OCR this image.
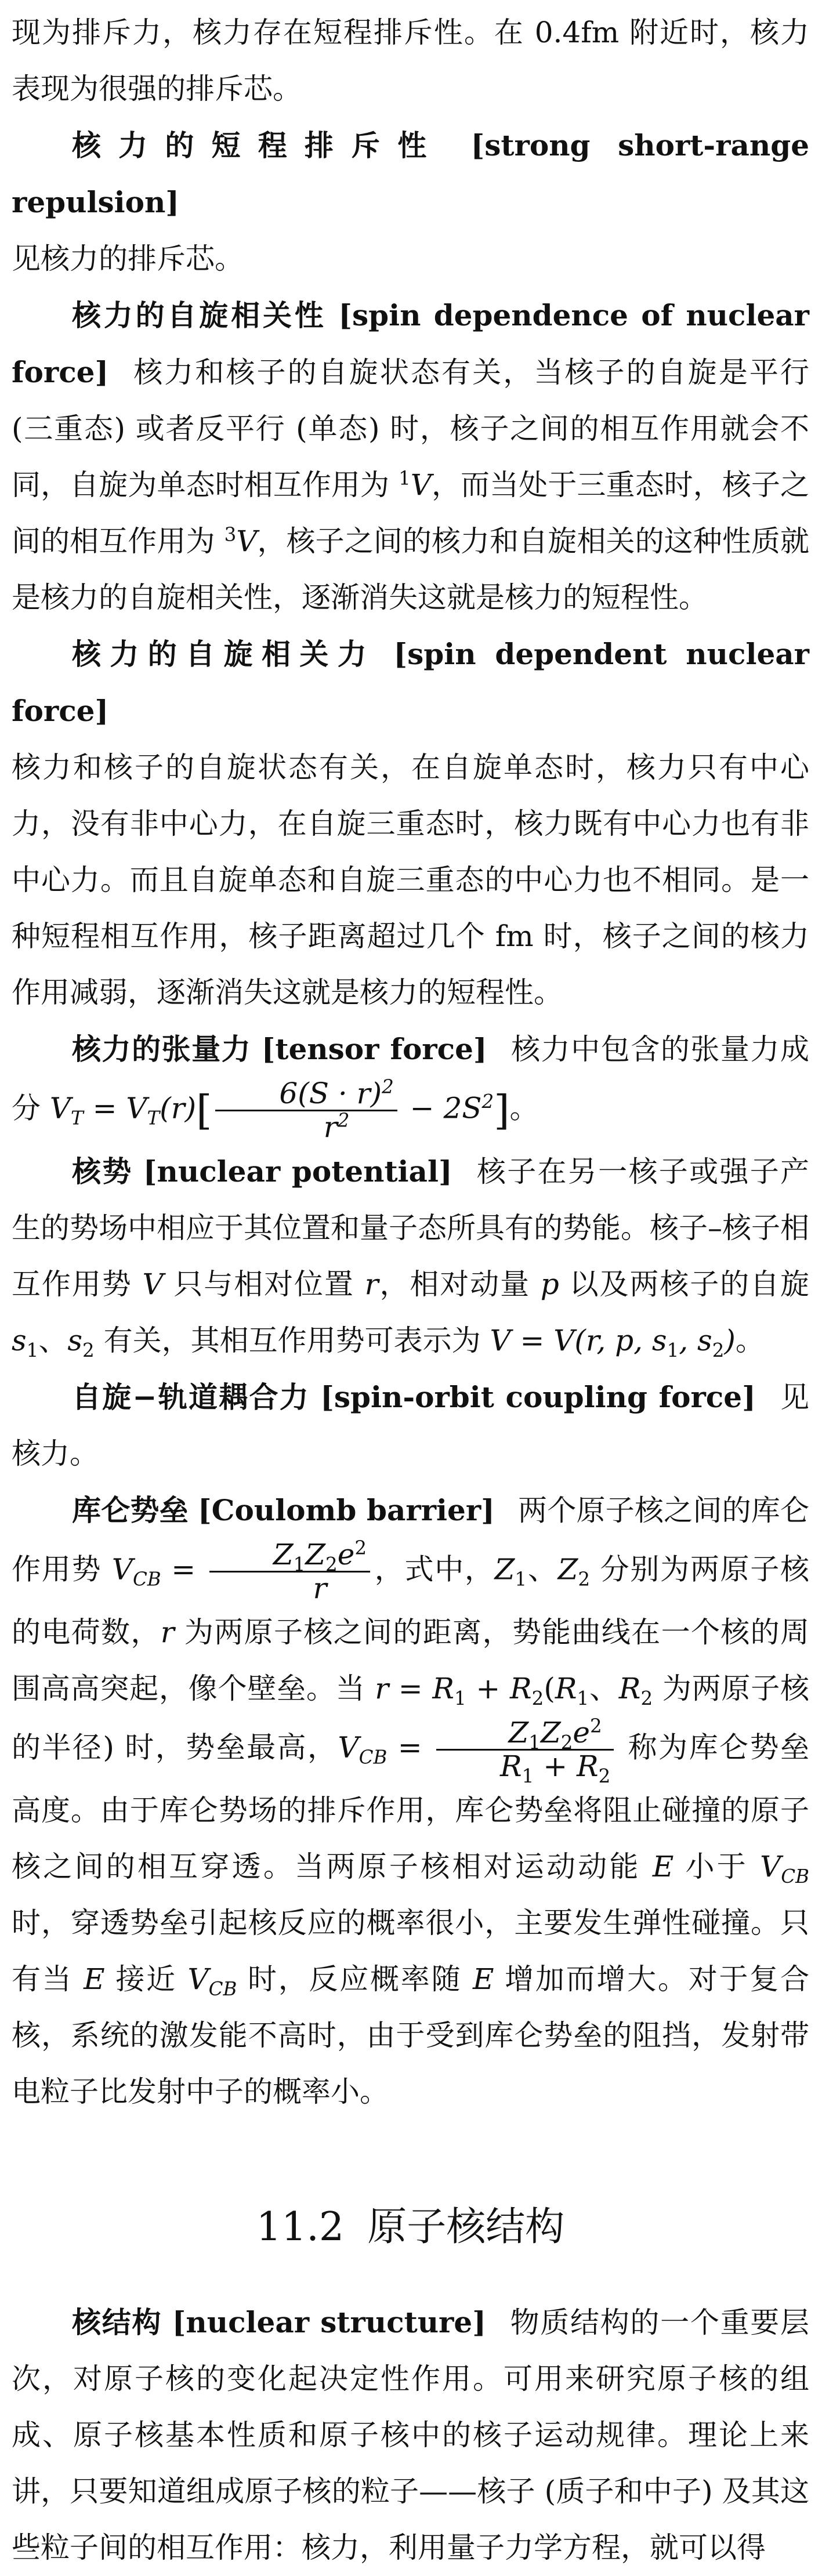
现为排斥力，核力存在短程排斥性。在 0.4fm 附近时，核力表现为很强的排斥芯。

核力的短程排斥性 [strong short-range repulsion]
见核力的排斥芯。

核力的自旋相关性 [spin dependence of nuclear force] 核力和核子的自旋状态有关，当核子的自旋是平行 (三重态) 或者反平行 (单态) 时，核子之间的相互作用就会不同，自旋为单态时相互作用为 $^1$V，而当处于三重态时，核子之间的相互作用为 $^3$V，核子之间的核力和自旋相关的这种性质就是核力的自旋相关性，逐渐消失这就是核力的短程性。

核力的自旋相关力 [spin dependent nuclear force]
核力和核子的自旋状态有关，在自旋单态时，核力只有中心力，没有非中心力，在自旋三重态时，核力既有中心力也有非中心力。而且自旋单态和自旋三重态的中心力也不相同。是一种短程相互作用，核子距离超过几个 fm 时，核子之间的核力作用减弱，逐渐消失这就是核力的短程性。

核力的张量力 [tensor force] 核力中包含的张量力成分 $V_T = V_T(r)[ \frac{6(S \cdot r)^2}{r^2} - 2S^2]$。

核势 [nuclear potential] 核子在另一核子或强子产生的势场中相应于其位置和量子态所具有的势能。核子–核子相互作用势 V 只与相对位置 r，相对动量 p 以及两核子的自旋 $s_1$、$s_2$ 有关，其相互作用势可表示为 V = V(r, p, $s_1$, $s_2$)。

自旋−轨道耦合力 [spin-orbit coupling force] 见核力。

库仑势垒 [Coulomb barrier] 两个原子核之间的库仑作用势 $V_{CB} = \frac{Z_1Z_2e^2}{r}$ ，式中，$Z_1$、$Z_2$ 分别为两原子核的电荷数，r 为两原子核之间的距离，势能曲线在一个核的周围高高突起，像个壁垒。当 $r = R_1 + R_2(R_1$、$R_2$ 为两原子核的半径) 时，势垒最高，$V_{CB} = \frac{Z_1Z_2e^2}{R_1 + R_2}$ 称为库仑势垒高度。由于库仑势场的排斥作用，库仑势垒将阻止碰撞的原子核之间的相互穿透。当两原子核相对运动动能 E 小于 $V_{CB}$ 时，穿透势垒引起核反应的概率很小，主要发生弹性碰撞。只有当 E 接近 $V_{CB}$ 时，反应概率随 E 增加而增大。对于复合核，系统的激发能不高时，由于受到库仑势垒的阻挡，发射带电粒子比发射中子的概率小。

11.2 原子核结构

核结构 [nuclear structure] 物质结构的一个重要层次，对原子核的变化起决定性作用。可用来研究原子核的组成、原子核基本性质和原子核中的核子运动规律。理论上来讲，只要知道组成原子核的粒子——核子 (质子和中子) 及其这些粒子间的相互作用：核力，利用量子力学方程，就可以得
